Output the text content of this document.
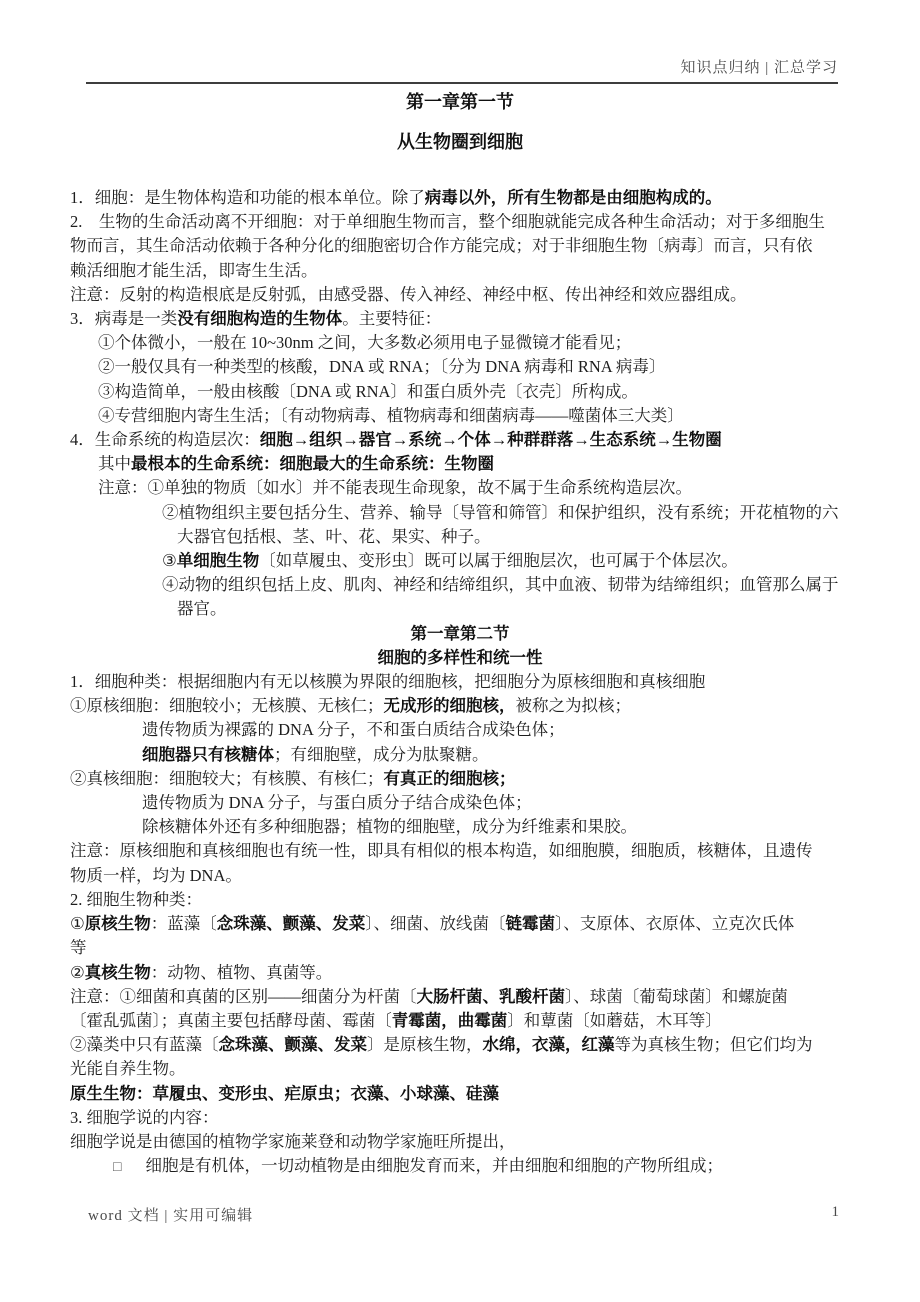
知识点归纳 | 汇总学习
第一章第一节
从生物圈到细胞
1．细胞：是生物体构造和功能的根本单位。除了病毒以外，所有生物都是由细胞构成的。
2.　生物的生命活动离不开细胞：对于单细胞生物而言，整个细胞就能完成各种生命活动；对于多细胞生
物而言，其生命活动依赖于各种分化的细胞密切合作方能完成；对于非细胞生物〔病毒〕而言，只有依
赖活细胞才能生活，即寄生生活。
注意：反射的构造根底是反射弧，由感受器、传入神经、神经中枢、传出神经和效应器组成。
3．病毒是一类没有细胞构造的生物体。主要特征：
①个体微小，一般在 10~30nm 之间，大多数必须用电子显微镜才能看见；
②一般仅具有一种类型的核酸，DNA 或 RNA；〔分为 DNA 病毒和 RNA 病毒〕
③构造简单，一般由核酸〔DNA 或 RNA〕和蛋白质外壳〔衣壳〕所构成。
④专营细胞内寄生生活；〔有动物病毒、植物病毒和细菌病毒——噬菌体三大类〕
4．生命系统的构造层次：细胞→组织→器官→系统→个体→种群群落→生态系统→生物圈
其中最根本的生命系统：细胞最大的生命系统：生物圈
注意：①单独的物质〔如水〕并不能表现生命现象，故不属于生命系统构造层次。
②植物组织主要包括分生、营养、输导〔导管和筛管〕和保护组织，没有系统；开花植物的六
大器官包括根、茎、叶、花、果实、种子。
③单细胞生物〔如草履虫、变形虫〕既可以属于细胞层次，也可属于个体层次。
④动物的组织包括上皮、肌肉、神经和结缔组织，其中血液、韧带为结缔组织；血管那么属于
器官。
第一章第二节
细胞的多样性和统一性
1．细胞种类：根据细胞内有无以核膜为界限的细胞核，把细胞分为原核细胞和真核细胞
①原核细胞：细胞较小；无核膜、无核仁；无成形的细胞核，被称之为拟核；
遗传物质为裸露的 DNA 分子，不和蛋白质结合成染色体；
细胞器只有核糖体；有细胞壁，成分为肽聚糖。
②真核细胞：细胞较大；有核膜、有核仁；有真正的细胞核；
遗传物质为 DNA 分子，与蛋白质分子结合成染色体；
除核糖体外还有多种细胞器；植物的细胞壁，成分为纤维素和果胶。
注意：原核细胞和真核细胞也有统一性，即具有相似的根本构造，如细胞膜，细胞质，核糖体，且遗传
物质一样，均为 DNA。
2. 细胞生物种类：
①原核生物：蓝藻〔念珠藻、颤藻、发菜〕、细菌、放线菌〔链霉菌〕、支原体、衣原体、立克次氏体
等
②真核生物：动物、植物、真菌等。
注意：①细菌和真菌的区别——细菌分为杆菌〔大肠杆菌、乳酸杆菌〕、球菌〔葡萄球菌〕和螺旋菌
〔霍乱弧菌〕；真菌主要包括酵母菌、霉菌〔青霉菌，曲霉菌〕和蕈菌〔如蘑菇，木耳等〕
②藻类中只有蓝藻〔念珠藻、颤藻、发菜〕是原核生物，水绵，衣藻，红藻等为真核生物；但它们均为
光能自养生物。
原生生物：草履虫、变形虫、疟原虫；衣藻、小球藻、硅藻
3. 细胞学说的内容：
细胞学说是由德国的植物学家施莱登和动物学家施旺所提出，
□ 细胞是有机体，一切动植物是由细胞发育而来，并由细胞和细胞的产物所组成；
word 文档 | 实用可编辑	1
